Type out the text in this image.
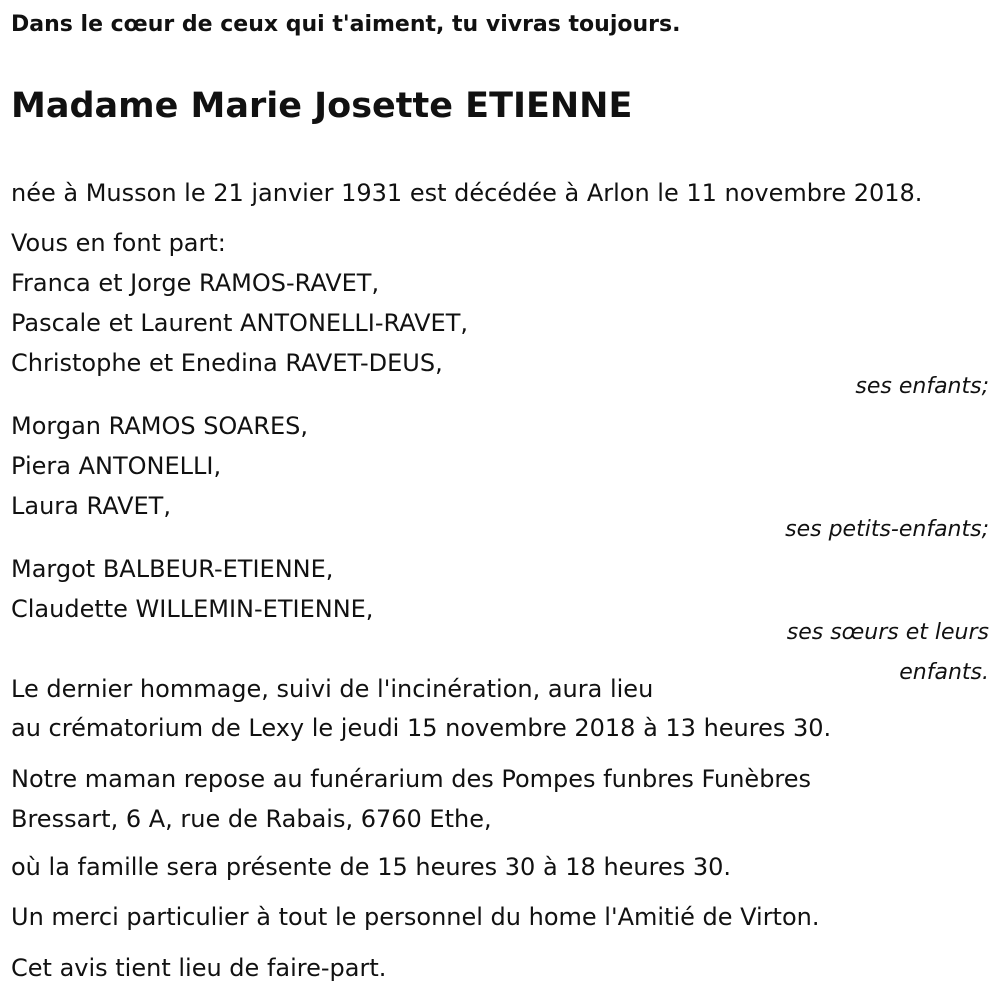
Dans le cœur de ceux qui t'aiment, tu vivras toujours.
Madame Marie Josette ETIENNE
née à Musson le 21 janvier 1931 est décédée à Arlon le 11 novembre 2018.
Vous en font part:
Franca et Jorge RAMOS-RAVET,
Pascale et Laurent ANTONELLI-RAVET,
Christophe et Enedina RAVET-DEUS,
ses enfants;
Morgan RAMOS SOARES,
Piera ANTONELLI,
Laura RAVET,
ses petits-enfants;
Margot BALBEUR-ETIENNE,
Claudette WILLEMIN-ETIENNE,
ses sœurs et leurs enfants.
Le dernier hommage, suivi de l'incinération, aura lieu
au crématorium de Lexy le jeudi 15 novembre 2018 à 13 heures 30.
Notre maman repose au funérarium des Pompes funbres Funèbres
Bressart, 6 A, rue de Rabais, 6760 Ethe,
où la famille sera présente de 15 heures 30 à 18 heures 30.
Un merci particulier à tout le personnel du home l'Amitié de Virton.
Cet avis tient lieu de faire-part.
